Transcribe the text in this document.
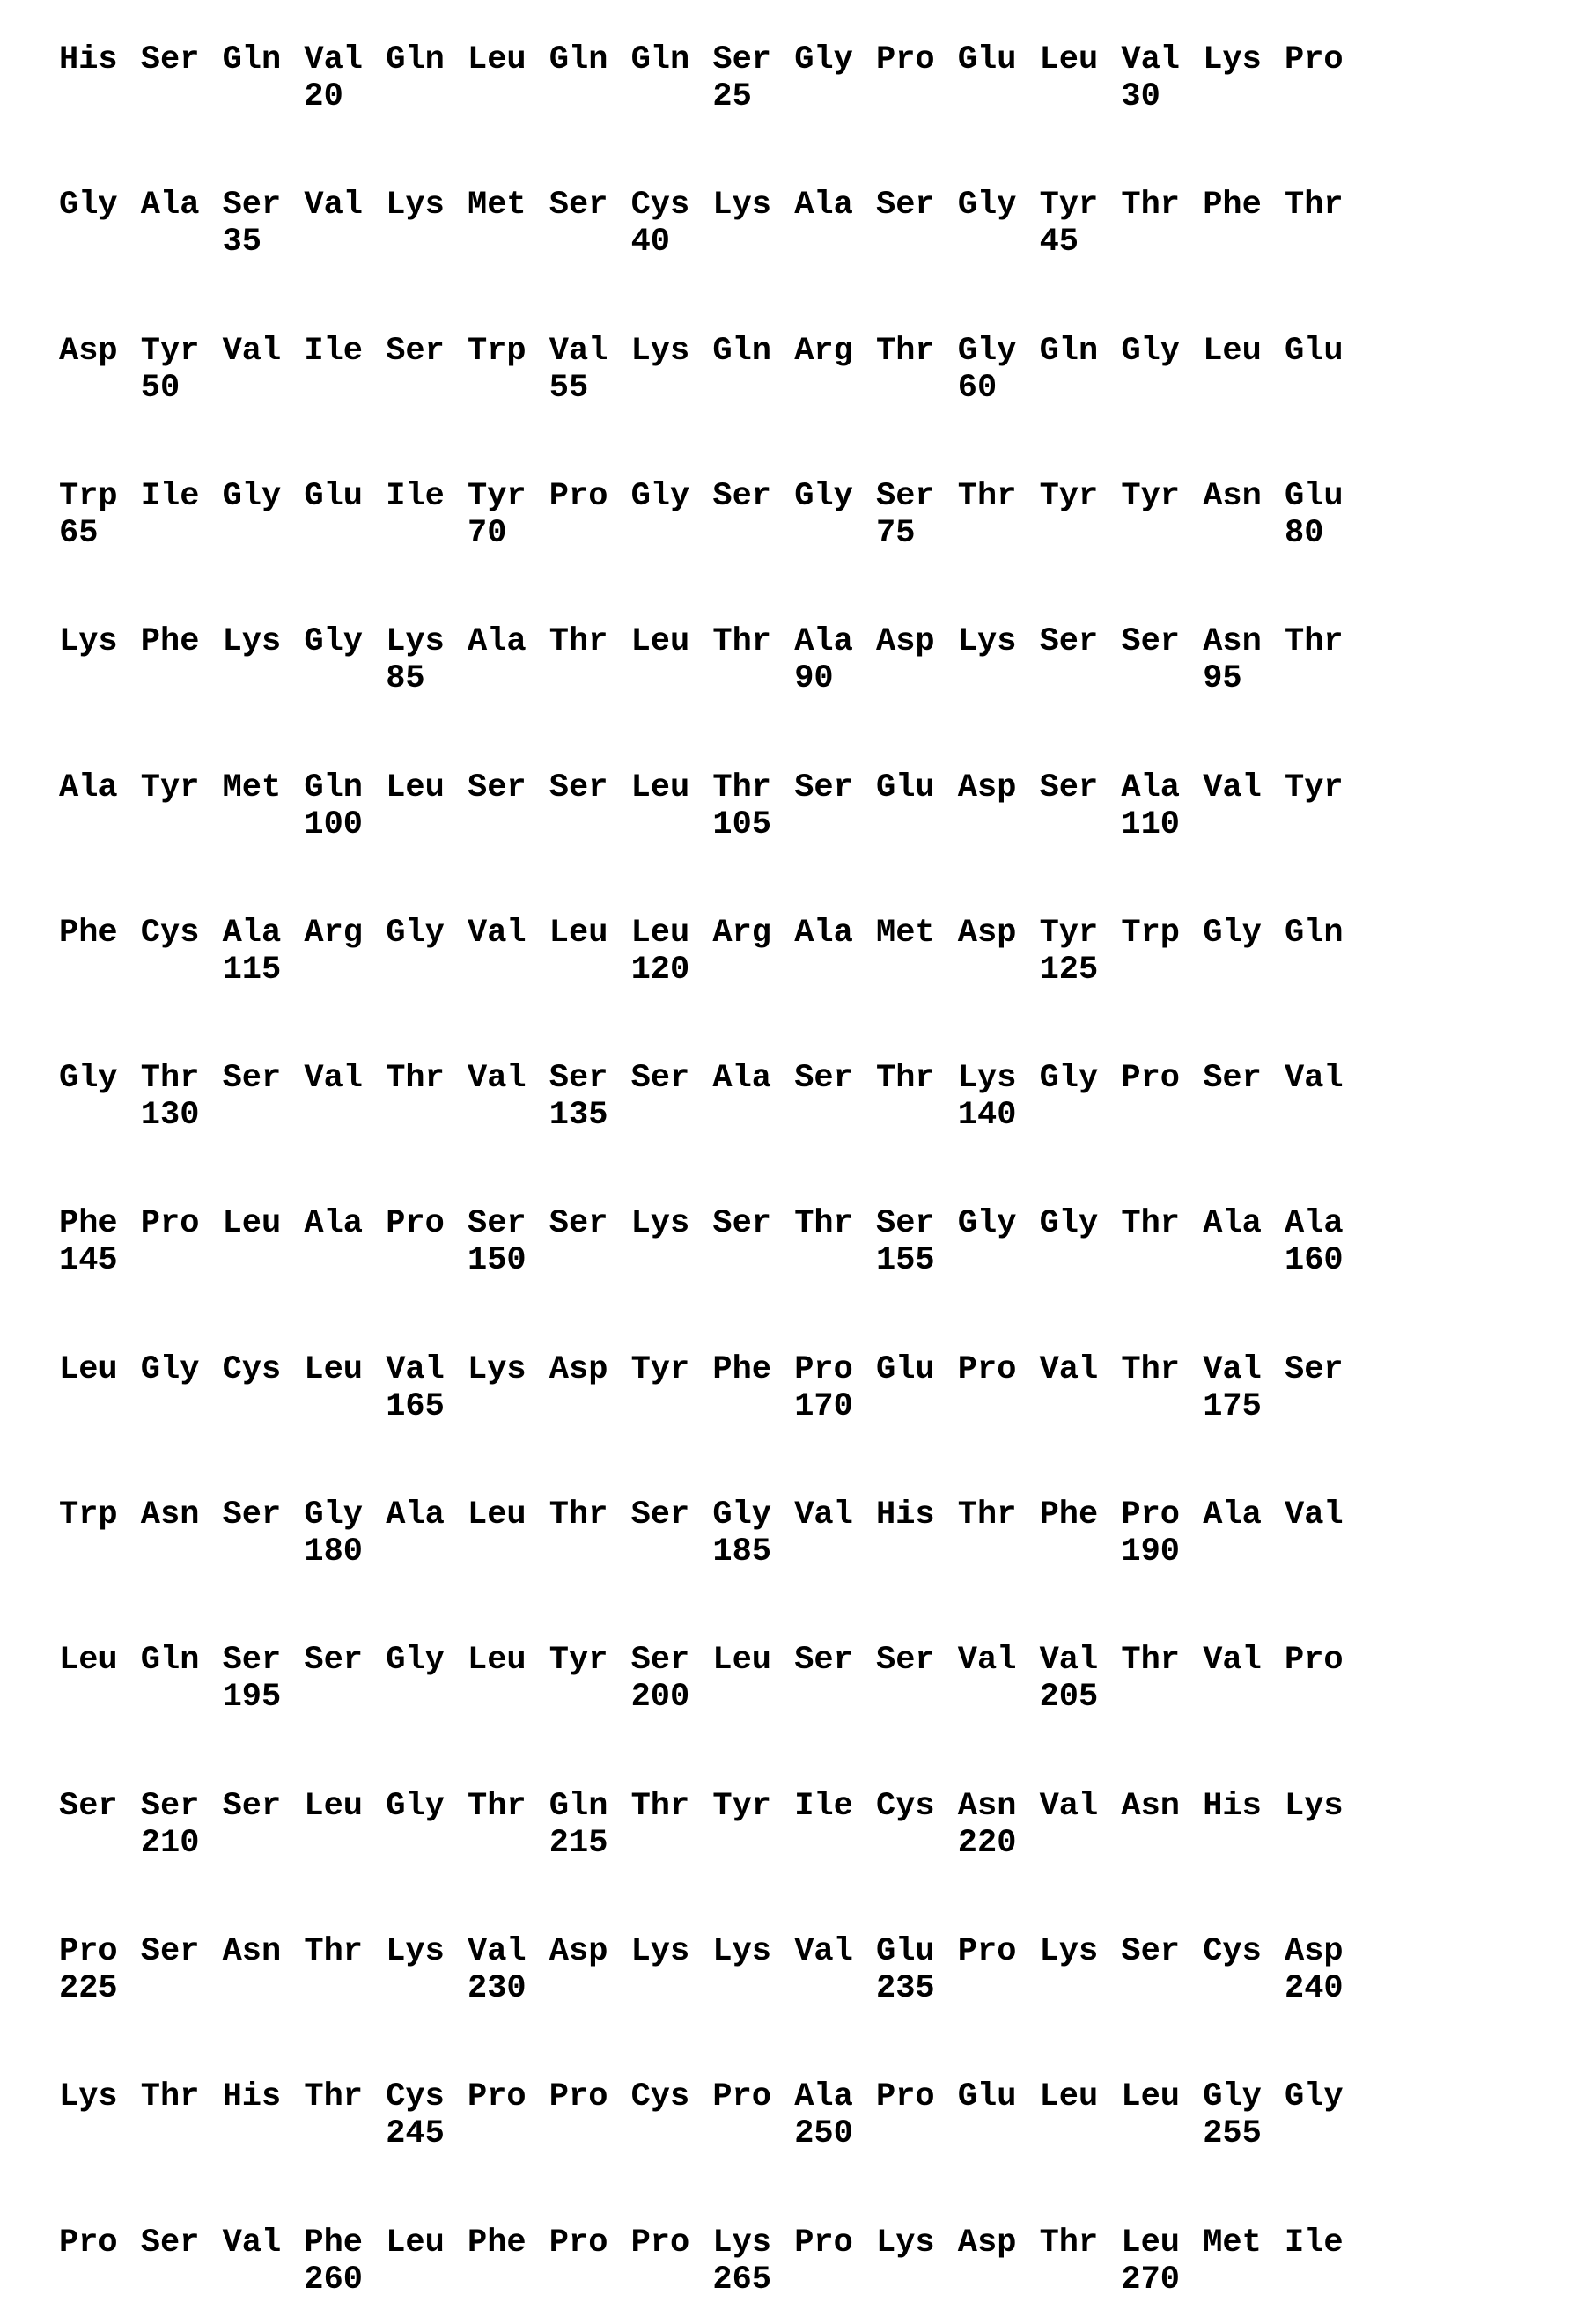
His Ser Gln Val Gln Leu Gln Gln Ser Gly Pro Glu Leu Val Lys Pro
20	25	30
Gly Ala Ser Val Lys Met Ser Cys Lys Ala Ser Gly Tyr Thr Phe Thr
35	40	45
Asp Tyr Val Ile Ser Trp Val Lys Gln Arg Thr Gly Gln Gly Leu Glu
50	55	60
Trp Ile Gly Glu Ile Tyr Pro Gly Ser Gly Ser Thr Tyr Tyr Asn Glu
65	70	75	80
Lys Phe Lys Gly Lys Ala Thr Leu Thr Ala Asp Lys Ser Ser Asn Thr
85	90	95
Ala Tyr Met Gln Leu Ser Ser Leu Thr Ser Glu Asp Ser Ala Val Tyr
100	105	110
Phe Cys Ala Arg Gly Val Leu Leu Arg Ala Met Asp Tyr Trp Gly Gln
115	120	125
Gly Thr Ser Val Thr Val Ser Ser Ala Ser Thr Lys Gly Pro Ser Val
130	135	140
Phe Pro Leu Ala Pro Ser Ser Lys Ser Thr Ser Gly Gly Thr Ala Ala
145	150	155	160
Leu Gly Cys Leu Val Lys Asp Tyr Phe Pro Glu Pro Val Thr Val Ser
165	170	175
Trp Asn Ser Gly Ala Leu Thr Ser Gly Val His Thr Phe Pro Ala Val
180	185	190
Leu Gln Ser Ser Gly Leu Tyr Ser Leu Ser Ser Val Val Thr Val Pro
195	200	205
Ser Ser Ser Leu Gly Thr Gln Thr Tyr Ile Cys Asn Val Asn His Lys
210	215	220
Pro Ser Asn Thr Lys Val Asp Lys Lys Val Glu Pro Lys Ser Cys Asp
225	230	235	240
Lys Thr His Thr Cys Pro Pro Cys Pro Ala Pro Glu Leu Leu Gly Gly
245	250	255
Pro Ser Val Phe Leu Phe Pro Pro Lys Pro Lys Asp Thr Leu Met Ile
260	265	270
